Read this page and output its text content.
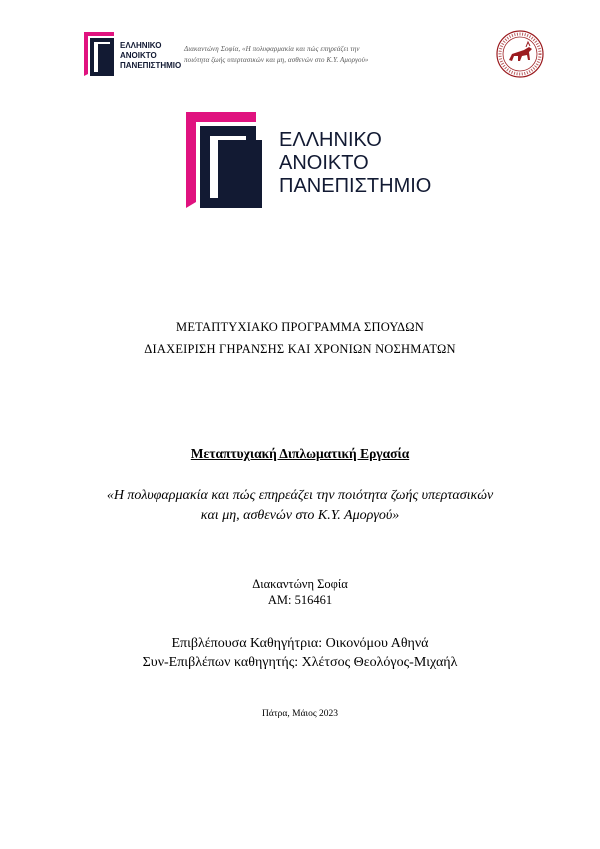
ΕΛΛΗΝΙΚΟ
ΑΝΟΙΚΤΟ
ΠΑΝΕΠΙΣΤΗΜΙΟ
Διακαντώνη Σοφία, «Η πολυφαρμακία και πώς επηρεάζει την
ποιότητα ζωής υπερτασικών και μη, ασθενών στο Κ.Υ. Αμοργού»
ΕΛΛΗΝΙΚΟ
ΑΝΟΙΚΤΟ
ΠΑΝΕΠΙΣΤΗΜΙΟ
ΜΕΤΑΠΤΥΧΙΑΚΟ ΠΡΟΓΡΑΜΜΑ ΣΠΟΥΔΩΝ
ΔΙΑΧΕΙΡΙΣΗ ΓΗΡΑΝΣΗΣ ΚΑΙ ΧΡΟΝΙΩΝ ΝΟΣΗΜΑΤΩΝ
Μεταπτυχιακή Διπλωματική Εργασία
«Η πολυφαρμακία και πώς επηρεάζει την ποιότητα ζωής υπερτασικών
και μη, ασθενών στο Κ.Υ. Αμοργού»
Διακαντώνη Σοφία
ΑΜ: 516461
Επιβλέπουσα Καθηγήτρια: Οικονόμου Αθηνά
Συν-Επιβλέπων καθηγητής: Χλέτσος Θεολόγος-Μιχαήλ
Πάτρα, Μάιος 2023
